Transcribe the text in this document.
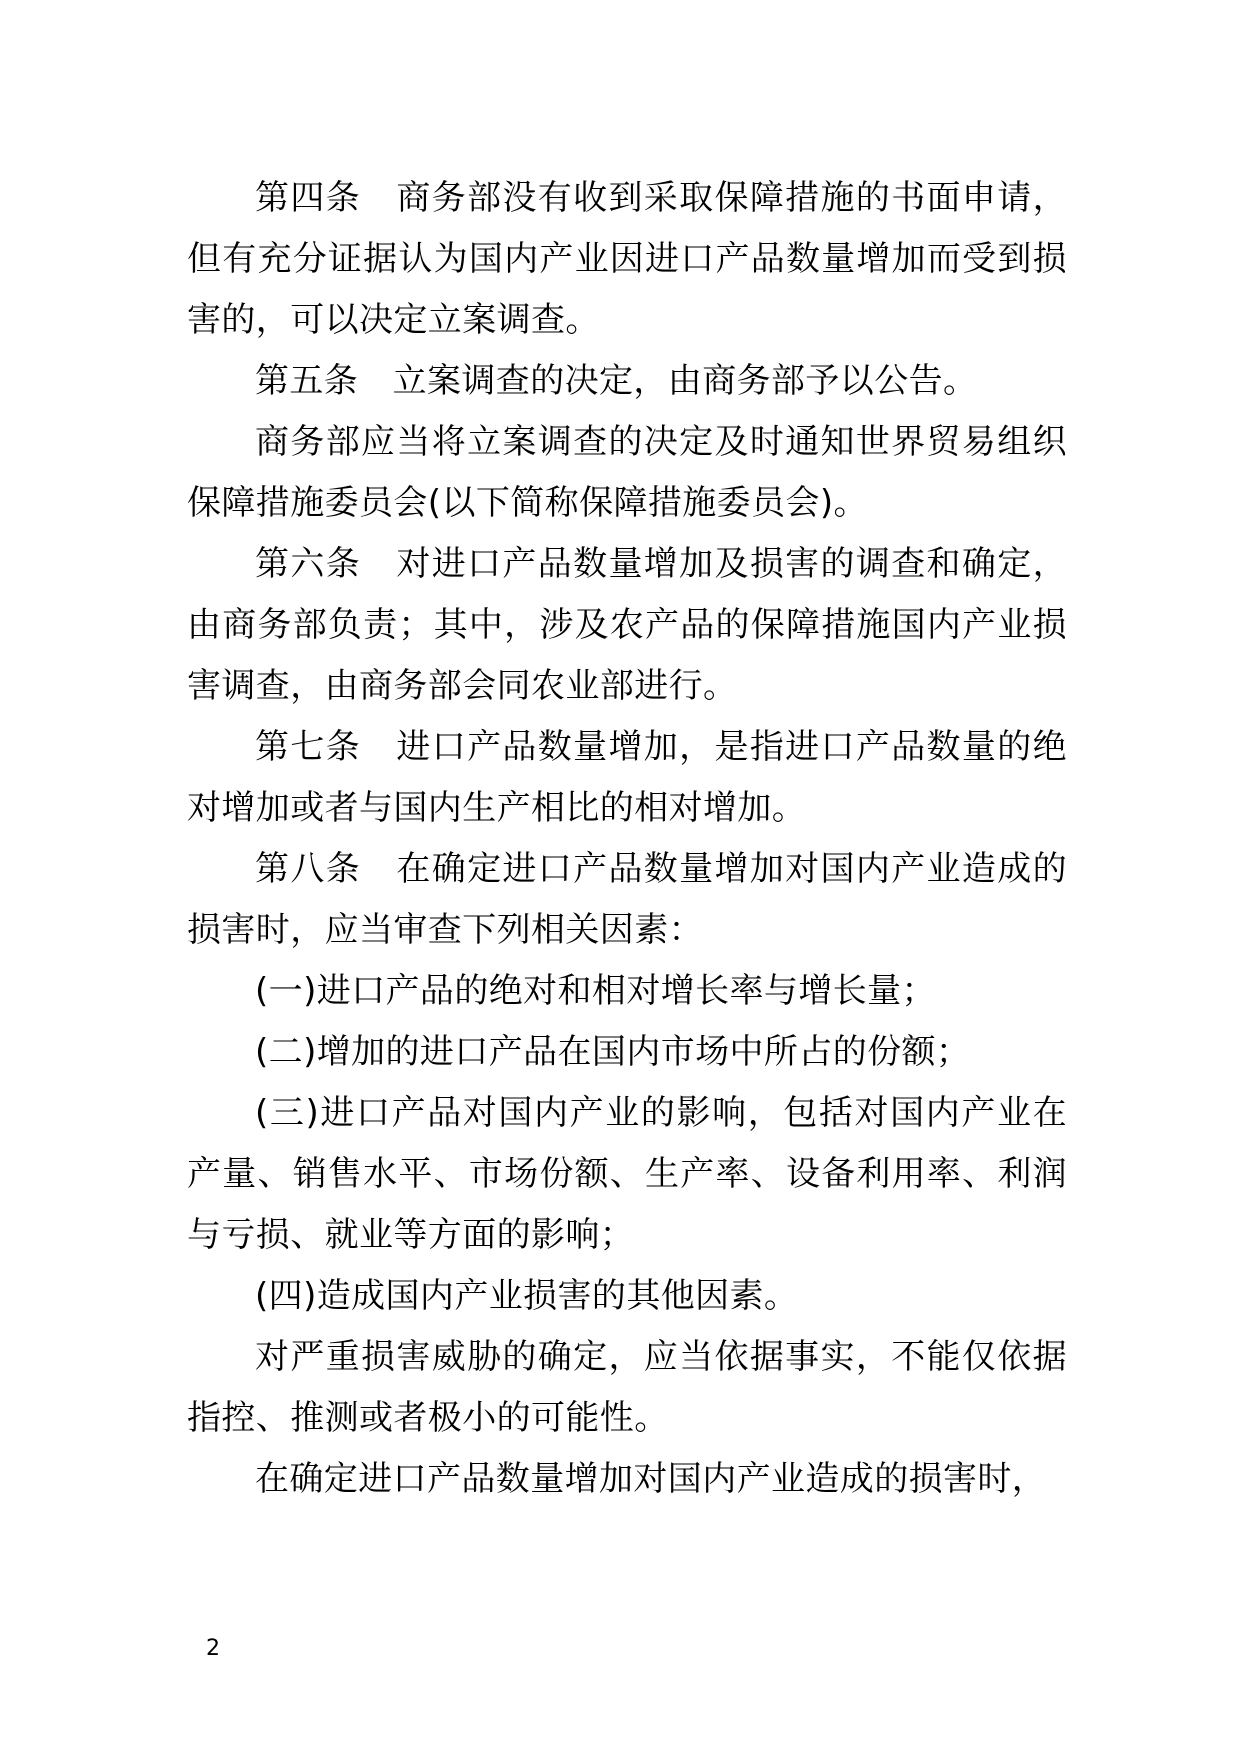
第四条　商务部没有收到采取保障措施的书面申请，但有充分证据认为国内产业因进口产品数量增加而受到损害的，可以决定立案调查。

第五条　立案调查的决定，由商务部予以公告。

商务部应当将立案调查的决定及时通知世界贸易组织保障措施委员会(以下简称保障措施委员会)。

第六条　对进口产品数量增加及损害的调查和确定，由商务部负责；其中，涉及农产品的保障措施国内产业损害调查，由商务部会同农业部进行。

第七条　进口产品数量增加，是指进口产品数量的绝对增加或者与国内生产相比的相对增加。

第八条　在确定进口产品数量增加对国内产业造成的损害时，应当审查下列相关因素：

(一)进口产品的绝对和相对增长率与增长量；

(二)增加的进口产品在国内市场中所占的份额；

(三)进口产品对国内产业的影响，包括对国内产业在产量、销售水平、市场份额、生产率、设备利用率、利润与亏损、就业等方面的影响；

(四)造成国内产业损害的其他因素。

对严重损害威胁的确定，应当依据事实，不能仅依据指控、推测或者极小的可能性。

在确定进口产品数量增加对国内产业造成的损害时，

2
